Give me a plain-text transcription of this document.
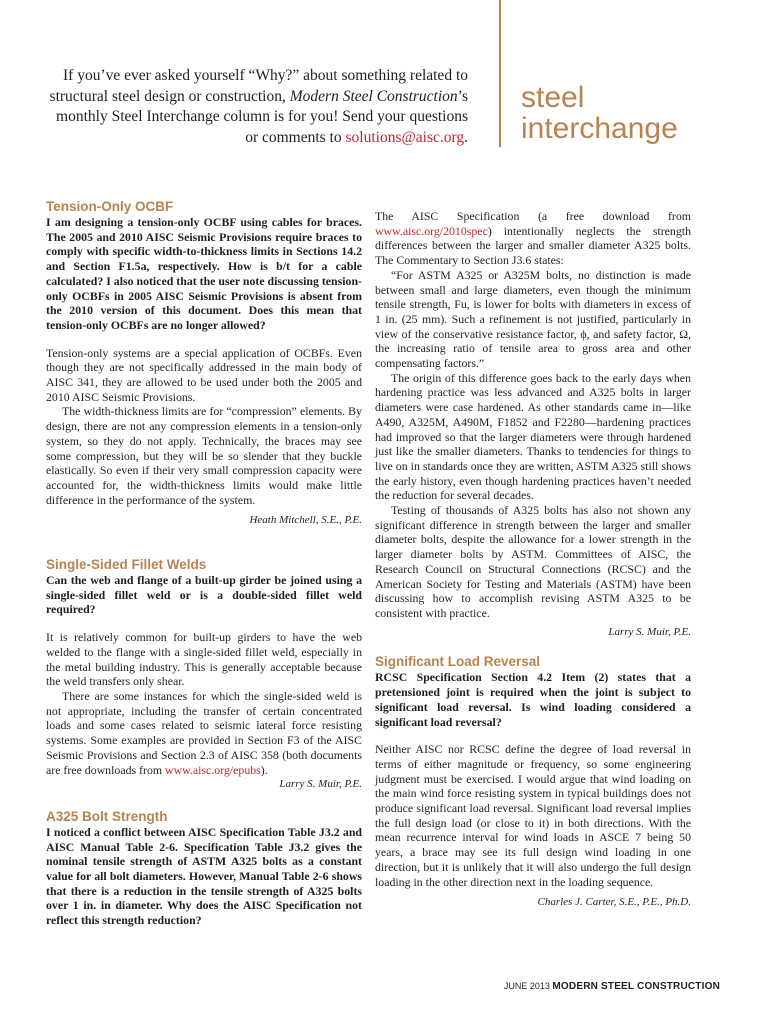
If you’ve ever asked yourself “Why?” about something related to structural steel design or construction, Modern Steel Construction’s monthly Steel Interchange column is for you! Send your questions or comments to solutions@aisc.org.
steel
interchange
Tension-Only OCBF

I am designing a tension-only OCBF using cables for braces. The 2005 and 2010 AISC Seismic Provisions require braces to comply with specific width-to-thickness limits in Sections 14.2 and Section F1.5a, respectively. How is b/t for a cable calculated? I also noticed that the user note discussing tension-only OCBFs in 2005 AISC Seismic Provisions is absent from the 2010 version of this document. Does this mean that tension-only OCBFs are no longer allowed?

Tension-only systems are a special application of OCBFs. Even though they are not specifically addressed in the main body of AISC 341, they are allowed to be used under both the 2005 and 2010 AISC Seismic Provisions.

The width-thickness limits are for “compression” elements. By design, there are not any compression elements in a tension-only system, so they do not apply. Technically, the braces may see some compression, but they will be so slender that they buckle elastically. So even if their very small compression capacity were accounted for, the width-thickness limits would make little difference in the performance of the system.

Heath Mitchell, S.E., P.E.

Single-Sided Fillet Welds

Can the web and flange of a built-up girder be joined using a single-sided fillet weld or is a double-sided fillet weld required?

It is relatively common for built-up girders to have the web welded to the flange with a single-sided fillet weld, especially in the metal building industry. This is generally acceptable because the weld transfers only shear.

There are some instances for which the single-sided weld is not appropriate, including the transfer of certain concentrated loads and some cases related to seismic lateral force resisting systems. Some examples are provided in Section F3 of the AISC Seismic Provisions and Section 2.3 of AISC 358 (both documents are free downloads from www.aisc.org/epubs).

Larry S. Muir, P.E.

A325 Bolt Strength

I noticed a conflict between AISC Specification Table J3.2 and AISC Manual Table 2-6. Specification Table J3.2 gives the nominal tensile strength of ASTM A325 bolts as a constant value for all bolt diameters. However, Manual Table 2-6 shows that there is a reduction in the tensile strength of A325 bolts over 1 in. in diameter. Why does the AISC Specification not reflect this strength reduction?

The AISC Specification (a free download from www.aisc.org/2010spec) intentionally neglects the strength differences between the larger and smaller diameter A325 bolts. The Commentary to Section J3.6 states:

“For ASTM A325 or A325M bolts, no distinction is made between small and large diameters, even though the minimum tensile strength, Fu, is lower for bolts with diameters in excess of 1 in. (25 mm). Such a refinement is not justified, particularly in view of the conservative resistance factor, ϕ, and safety factor, Ω, the increasing ratio of tensile area to gross area and other compensating factors.”

The origin of this difference goes back to the early days when hardening practice was less advanced and A325 bolts in larger diameters were case hardened. As other standards came in—like A490, A325M, A490M, F1852 and F2280—hardening practices had improved so that the larger diameters were through hardened just like the smaller diameters. Thanks to tendencies for things to live on in standards once they are written, ASTM A325 still shows the early history, even though hardening practices haven’t needed the reduction for several decades.

Testing of thousands of A325 bolts has also not shown any significant difference in strength between the larger and smaller diameter bolts, despite the allowance for a lower strength in the larger diameter bolts by ASTM. Committees of AISC, the Research Council on Structural Connections (RCSC) and the American Society for Testing and Materials (ASTM) have been discussing how to accomplish revising ASTM A325 to be consistent with practice.

Larry S. Muir, P.E.

Significant Load Reversal

RCSC Specification Section 4.2 Item (2) states that a pretensioned joint is required when the joint is subject to significant load reversal. Is wind loading considered a significant load reversal?

Neither AISC nor RCSC define the degree of load reversal in terms of either magnitude or frequency, so some engineering judgment must be exercised. I would argue that wind loading on the main wind force resisting system in typical buildings does not produce significant load reversal. Significant load reversal implies the full design load (or close to it) in both directions. With the mean recurrence interval for wind loads in ASCE 7 being 50 years, a brace may see its full design wind loading in one direction, but it is unlikely that it will also undergo the full design loading in the other direction next in the loading sequence.

Charles J. Carter, S.E., P.E., Ph.D.

JUNE 2013 MODERN STEEL CONSTRUCTION
